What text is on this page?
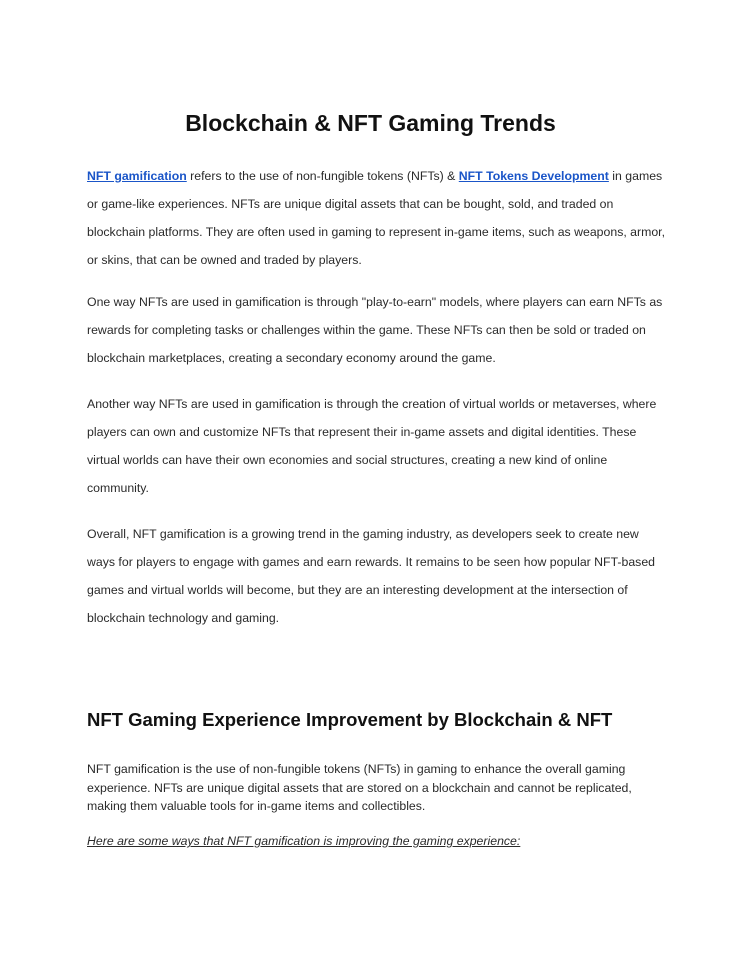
Blockchain & NFT Gaming Trends

NFT gamification refers to the use of non-fungible tokens (NFTs) & NFT Tokens Development in games or game-like experiences. NFTs are unique digital assets that can be bought, sold, and traded on blockchain platforms. They are often used in gaming to represent in-game items, such as weapons, armor, or skins, that can be owned and traded by players.

One way NFTs are used in gamification is through "play-to-earn" models, where players can earn NFTs as rewards for completing tasks or challenges within the game. These NFTs can then be sold or traded on blockchain marketplaces, creating a secondary economy around the game.

Another way NFTs are used in gamification is through the creation of virtual worlds or metaverses, where players can own and customize NFTs that represent their in-game assets and digital identities. These virtual worlds can have their own economies and social structures, creating a new kind of online community.

Overall, NFT gamification is a growing trend in the gaming industry, as developers seek to create new ways for players to engage with games and earn rewards. It remains to be seen how popular NFT-based games and virtual worlds will become, but they are an interesting development at the intersection of blockchain technology and gaming.

NFT Gaming Experience Improvement by Blockchain & NFT

NFT gamification is the use of non-fungible tokens (NFTs) in gaming to enhance the overall gaming experience. NFTs are unique digital assets that are stored on a blockchain and cannot be replicated, making them valuable tools for in-game items and collectibles.

Here are some ways that NFT gamification is improving the gaming experience:
